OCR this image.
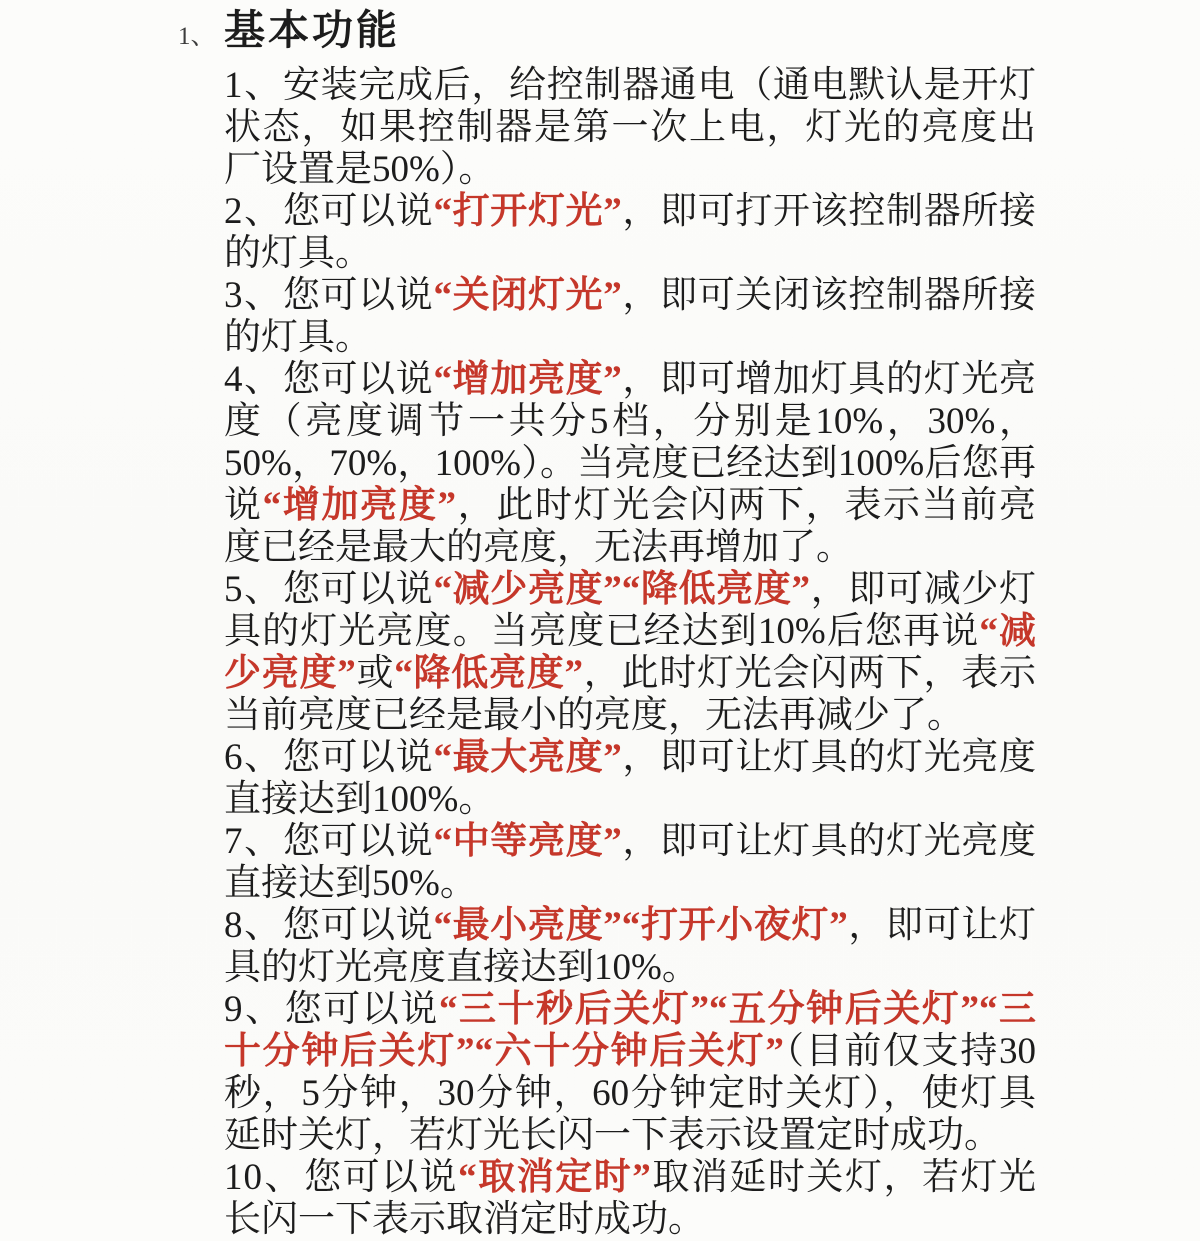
1、 基本功能

1、安装完成后，给控制器通电（通电默认是开灯状态，如果控制器是第一次上电，灯光的亮度出厂设置是50%）。

2、您可以说“打开灯光”，即可打开该控制器所接的灯具。

3、您可以说“关闭灯光”，即可关闭该控制器所接的灯具。

4、您可以说“增加亮度”，即可增加灯具的灯光亮度（亮度调节一共分5档，分别是10%，30%，50%，70%，100%）。当亮度已经达到100%后您再说“增加亮度”，此时灯光会闪两下，表示当前亮度已经是最大的亮度，无法再增加了。

5、您可以说“减少亮度”“降低亮度”，即可减少灯具的灯光亮度。当亮度已经达到10%后您再说“减少亮度”或“降低亮度”，此时灯光会闪两下，表示当前亮度已经是最小的亮度，无法再减少了。

6、您可以说“最大亮度”，即可让灯具的灯光亮度直接达到100%。

7、您可以说“中等亮度”，即可让灯具的灯光亮度直接达到50%。

8、您可以说“最小亮度”“打开小夜灯”，即可让灯具的灯光亮度直接达到10%。

9、您可以说“三十秒后关灯”“五分钟后关灯”“三十分钟后关灯”“六十分钟后关灯”（目前仅支持30秒，5分钟，30分钟，60分钟定时关灯），使灯具延时关灯，若灯光长闪一下表示设置定时成功。

10、您可以说“取消定时”取消延时关灯，若灯光长闪一下表示取消定时成功。
